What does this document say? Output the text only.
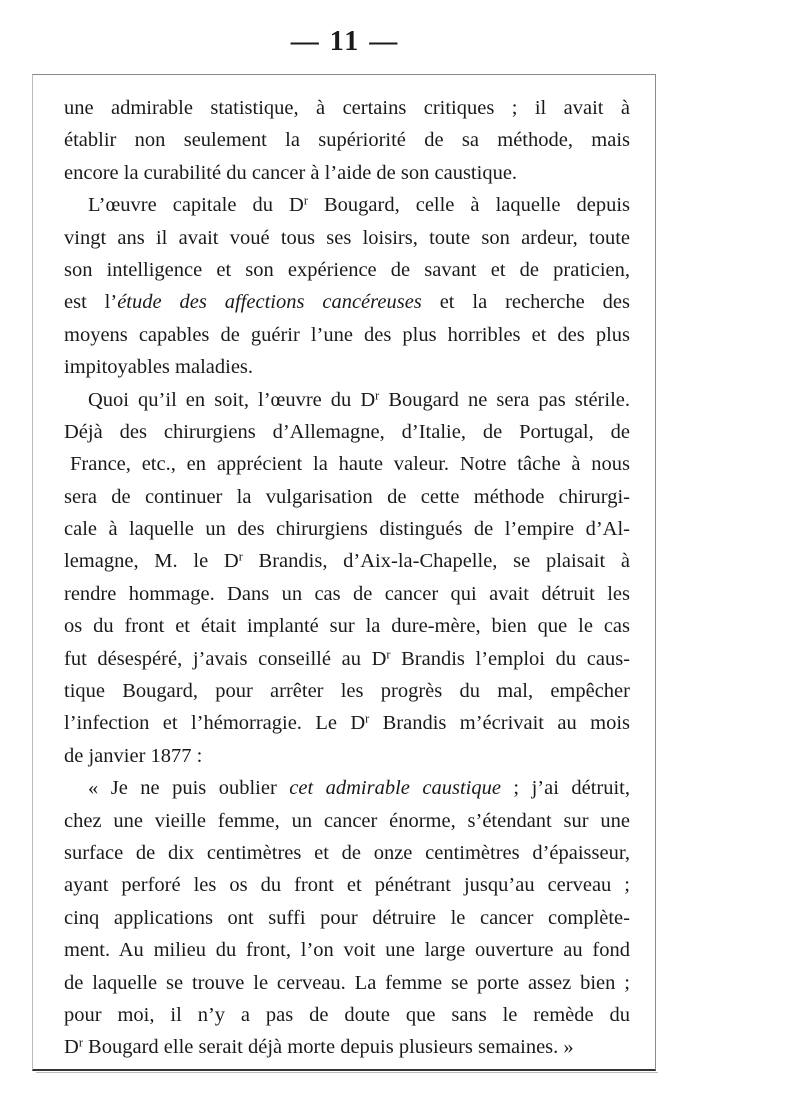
— 11 —
une admirable statistique, à certains critiques ; il avait à
établir non seulement la supériorité de sa méthode, mais
encore la curabilité du cancer à l’aide de son caustique.
L’œuvre capitale du $D^r$ Bougard, celle à laquelle depuis
vingt ans il avait voué tous ses loisirs, toute son ardeur, toute
son intelligence et son expérience de savant et de praticien,
est l’étude des affections cancéreuses et la recherche des
moyens capables de guérir l’une des plus horribles et des plus
impitoyables maladies.
Quoi qu’il en soit, l’œuvre du $D^r$ Bougard ne sera pas stérile.
Déjà des chirurgiens d’Allemagne, d’Italie, de Portugal, de
France, etc., en apprécient la haute valeur. Notre tâche à nous
sera de continuer la vulgarisation de cette méthode chirurgi-
cale à laquelle un des chirurgiens distingués de l’empire d’Al-
lemagne, M. le $D^r$ Brandis, d’Aix-la-Chapelle, se plaisait à
rendre hommage. Dans un cas de cancer qui avait détruit les
os du front et était implanté sur la dure-mère, bien que le cas
fut désespéré, j’avais conseillé au $D^r$ Brandis l’emploi du caus-
tique Bougard, pour arrêter les progrès du mal, empêcher
l’infection et l’hémorragie. Le $D^r$ Brandis m’écrivait au mois
de janvier 1877 :
« Je ne puis oublier cet admirable caustique ; j’ai détruit,
chez une vieille femme, un cancer énorme, s’étendant sur une
surface de dix centimètres et de onze centimètres d’épaisseur,
ayant perforé les os du front et pénétrant jusqu’au cerveau ;
cinq applications ont suffi pour détruire le cancer complète-
ment. Au milieu du front, l’on voit une large ouverture au fond
de laquelle se trouve le cerveau. La femme se porte assez bien ;
pour moi, il n’y a pas de doute que sans le remède du
$D^r$ Bougard elle serait déjà morte depuis plusieurs semaines. »
